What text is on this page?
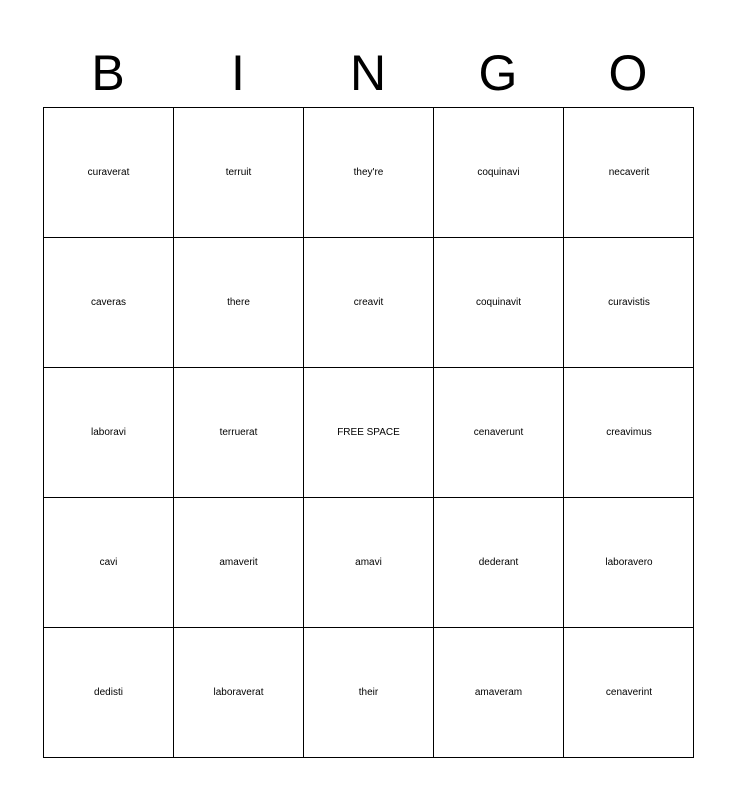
B	I	N	G	O
curaverat	terruit	they're	coquinavi	necaverit
caveras	there	creavit	coquinavit	curavistis
laboravi	terruerat	FREE SPACE	cenaverunt	creavimus
cavi	amaverit	amavi	dederant	laboravero
dedisti	laboraverat	their	amaveram	cenaverint
